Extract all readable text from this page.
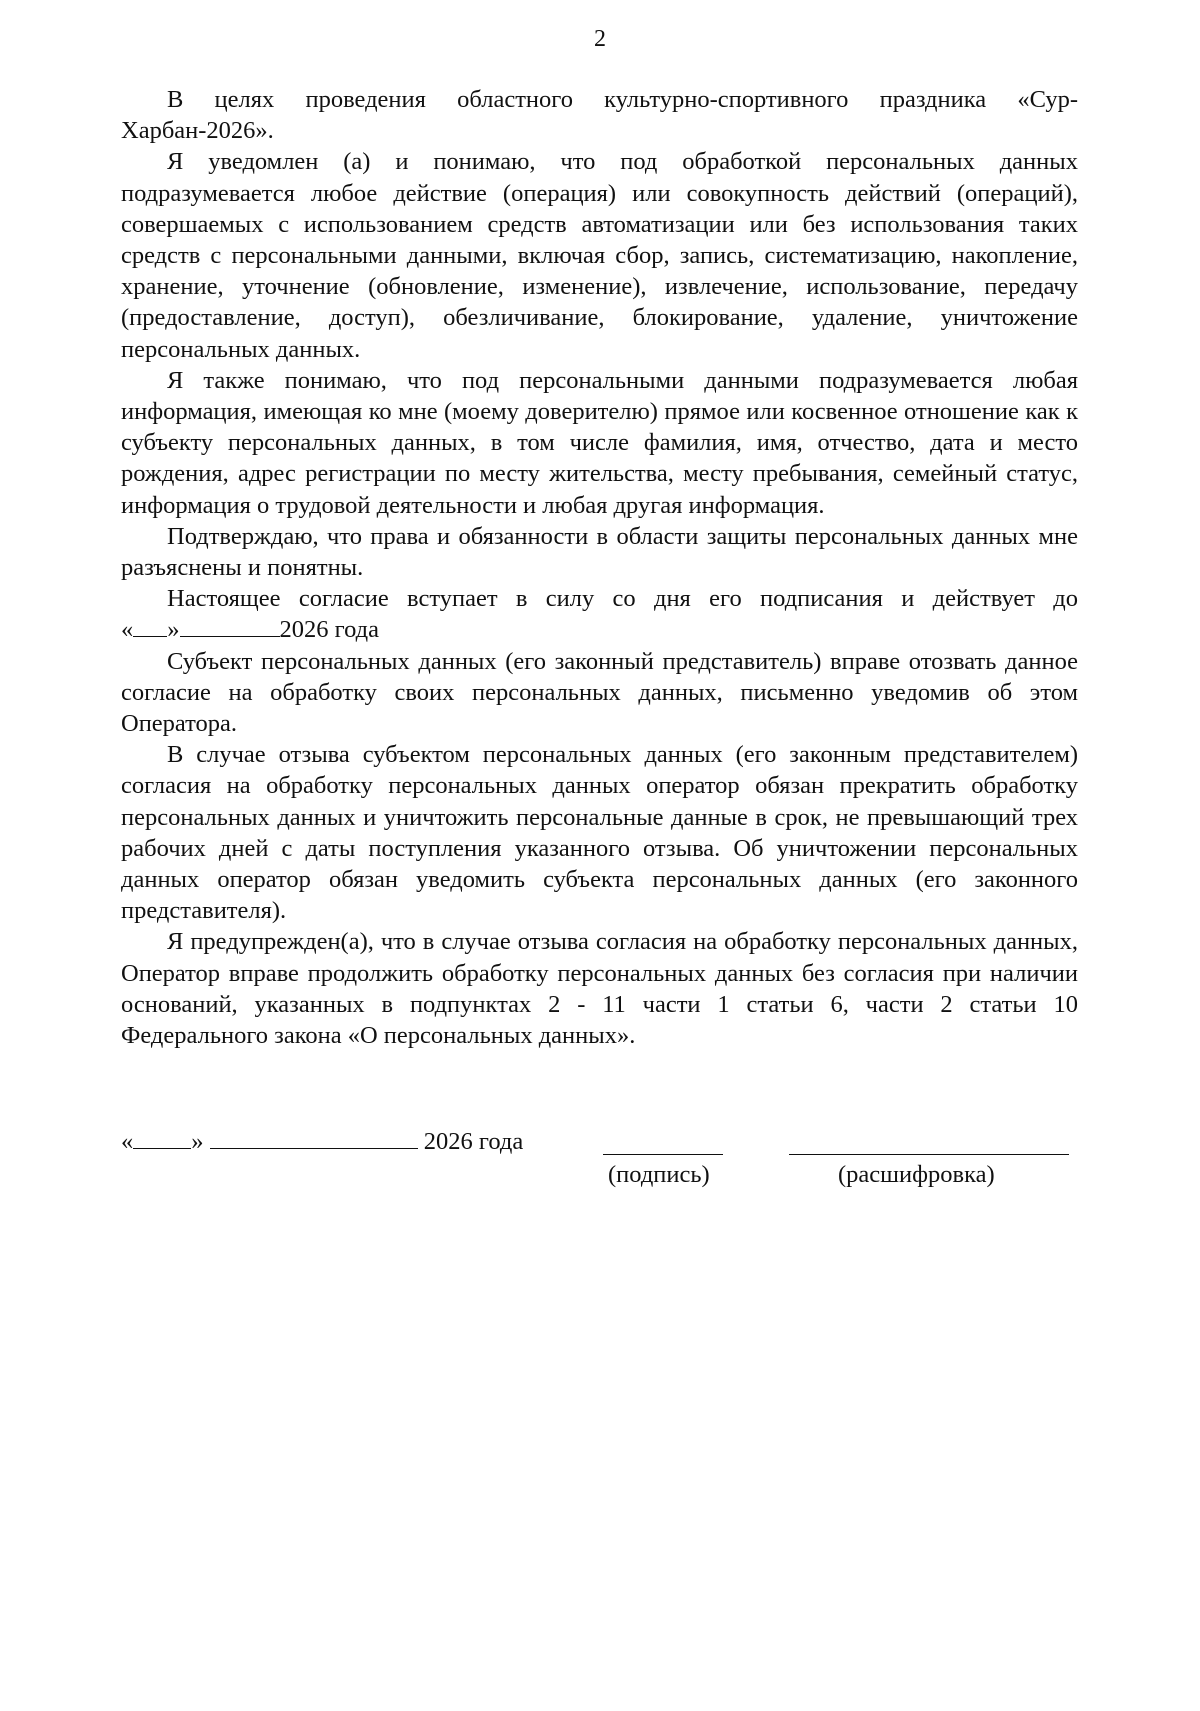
2

В целях проведения областного культурно-спортивного праздника «Сур-Харбан-2026».

Я уведомлен (а) и понимаю, что под обработкой персональных данных подразумевается любое действие (операция) или совокупность действий (операций), совершаемых с использованием средств автоматизации или без использования таких средств с персональными данными, включая сбор, запись, систематизацию, накопление, хранение, уточнение (обновление, изменение), извлечение, использование, передачу (предоставление, доступ), обезличивание, блокирование, удаление, уничтожение персональных данных.

Я также понимаю, что под персональными данными подразумевается любая информация, имеющая ко мне (моему доверителю) прямое или косвенное отношение как к субъекту персональных данных, в том числе фамилия, имя, отчество, дата и место рождения, адрес регистрации по месту жительства, месту пребывания, семейный статус, информация о трудовой деятельности и любая другая информация.

Подтверждаю, что права и обязанности в области защиты персональных данных мне разъяснены и понятны.

Настоящее согласие вступает в силу со дня его подписания и действует до

« »	2026 года

Субъект персональных данных (его законный представитель) вправе отозвать данное согласие на обработку своих персональных данных, письменно уведомив об этом Оператора.

В случае отзыва субъектом персональных данных (его законным представителем) согласия на обработку персональных данных оператор обязан прекратить обработку персональных данных и уничтожить персональные данные в срок, не превышающий трех рабочих дней с даты поступления указанного отзыва. Об уничтожении персональных данных оператор обязан уведомить субъекта персональных данных (его законного представителя).

Я предупрежден(а), что в случае отзыва согласия на обработку персональных данных, Оператор вправе продолжить обработку персональных данных без согласия при наличии оснований, указанных в подпунктах 2 - 11 части 1 статьи 6, части 2 статьи 10 Федерального закона «О персональных данных».

« »	2026 года
(подпись)	(расшифровка)
